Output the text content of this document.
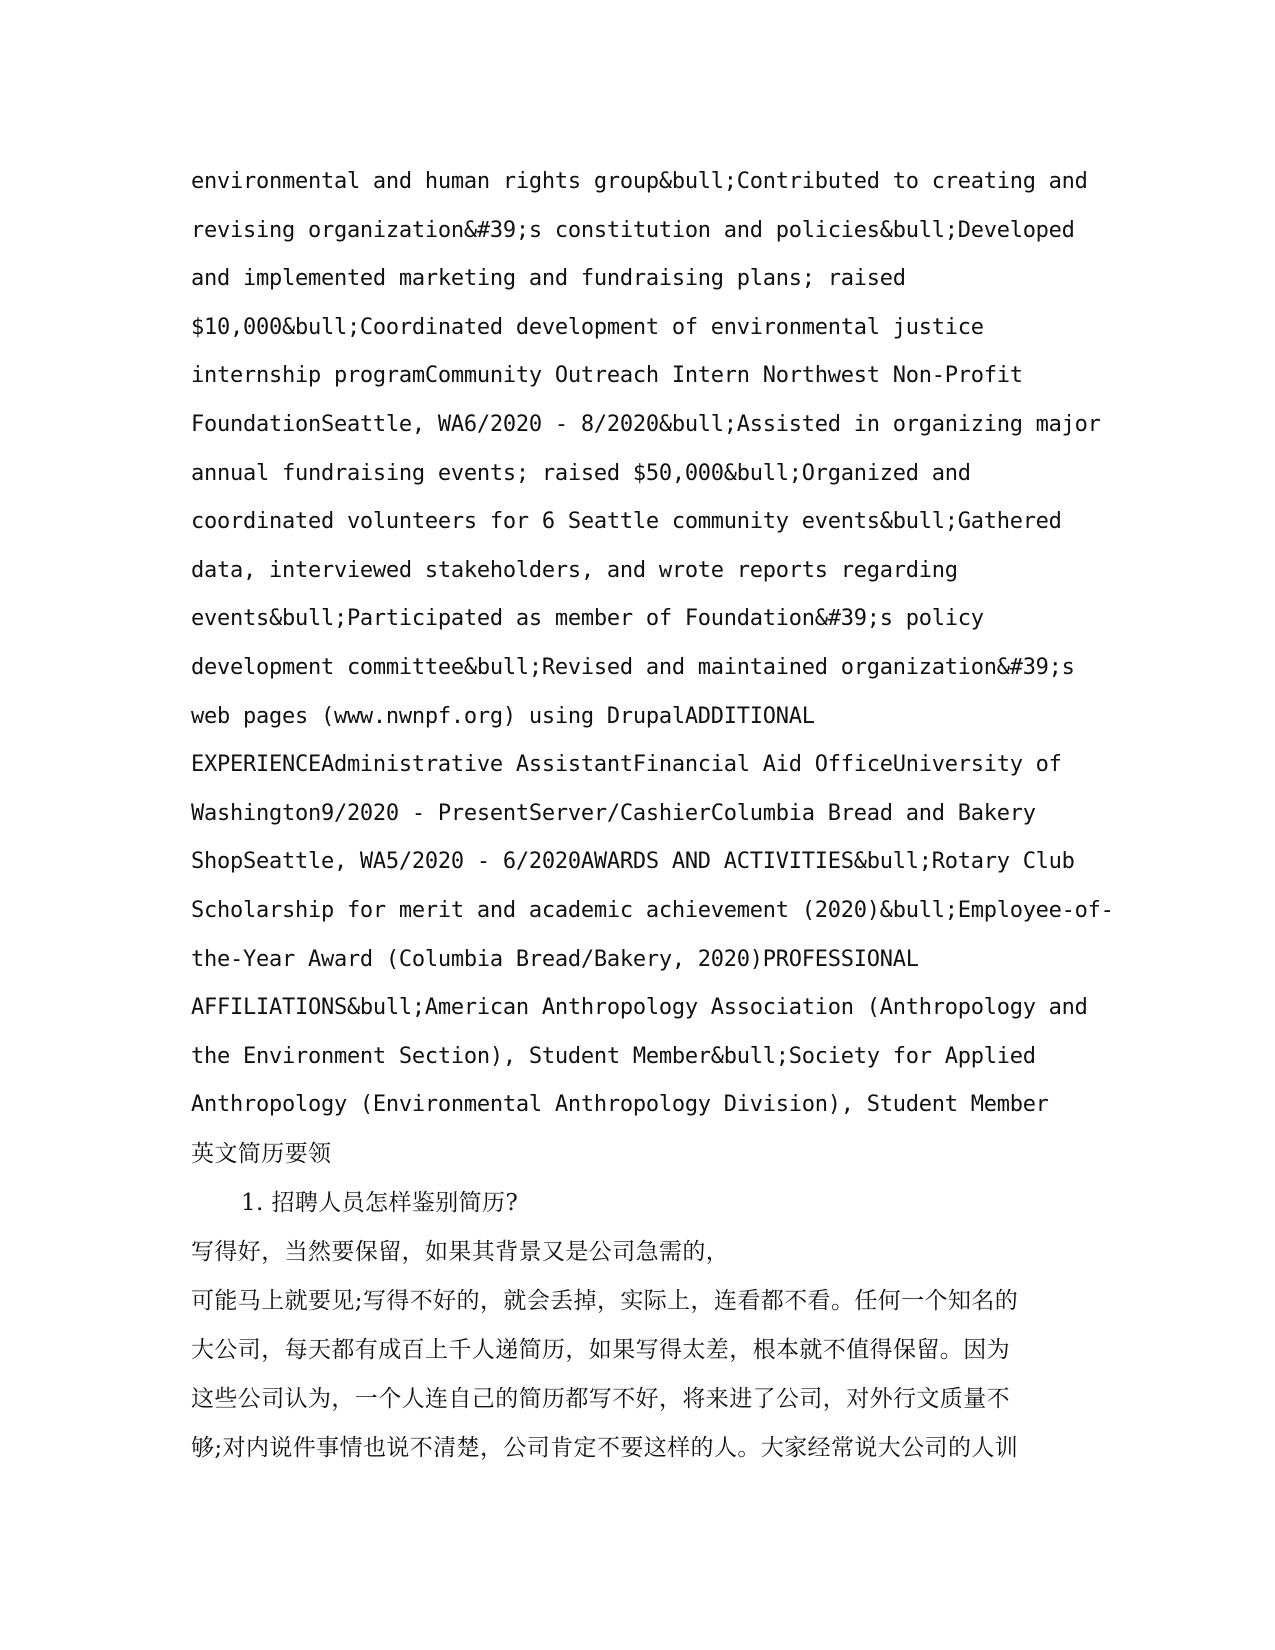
environmental and human rights group&bull;Contributed to creating and
revising organization&#39;s constitution and policies&bull;Developed
and implemented marketing and fundraising plans; raised
$10,000&bull;Coordinated development of environmental justice
internship programCommunity Outreach Intern Northwest Non-Profit
FoundationSeattle, WA6/2020 - 8/2020&bull;Assisted in organizing major
annual fundraising events; raised $50,000&bull;Organized and
coordinated volunteers for 6 Seattle community events&bull;Gathered
data, interviewed stakeholders, and wrote reports regarding
events&bull;Participated as member of Foundation&#39;s policy
development committee&bull;Revised and maintained organization&#39;s
web pages (www.nwnpf.org) using DrupalADDITIONAL
EXPERIENCEAdministrative AssistantFinancial Aid OfficeUniversity of
Washington9/2020 - PresentServer/CashierColumbia Bread and Bakery
ShopSeattle, WA5/2020 - 6/2020AWARDS AND ACTIVITIES&bull;Rotary Club
Scholarship for merit and academic achievement (2020)&bull;Employee-of-
the-Year Award (Columbia Bread/Bakery, 2020)PROFESSIONAL
AFFILIATIONS&bull;American Anthropology Association (Anthropology and
the Environment Section), Student Member&bull;Society for Applied
Anthropology (Environmental Anthropology Division), Student Member
英文简历要领
1. 招聘人员怎样鉴别简历?
写得好，当然要保留，如果其背景又是公司急需的，
可能马上就要见;写得不好的，就会丢掉，实际上，连看都不看。任何一个知名的
大公司，每天都有成百上千人递简历，如果写得太差，根本就不值得保留。因为
这些公司认为，一个人连自己的简历都写不好，将来进了公司，对外行文质量不
够;对内说件事情也说不清楚，公司肯定不要这样的人。大家经常说大公司的人训
